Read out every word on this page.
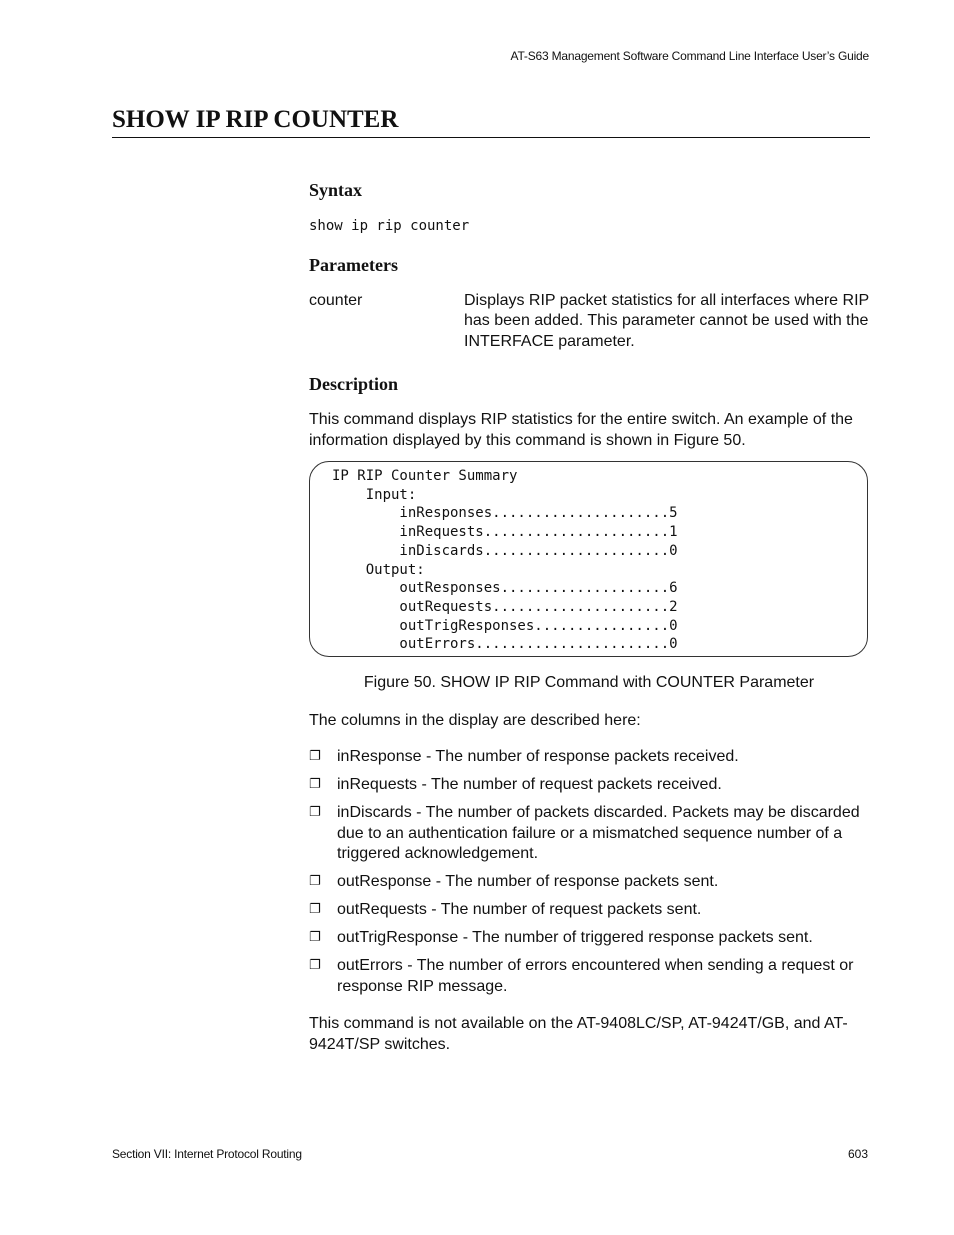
AT-S63 Management Software Command Line Interface User’s Guide
SHOW IP RIP COUNTER
Syntax
show ip rip counter
Parameters
counter	Displays RIP packet statistics for all interfaces where RIP has been added. This parameter cannot be used with the INTERFACE parameter.
Description

This command displays RIP statistics for the entire switch. An example of the information displayed by this command is shown in Figure 50.

IP RIP Counter Summary
Input:
inResponses.....................5
inRequests......................1
inDiscards......................0
Output:
outResponses....................6
outRequests.....................2
outTrigResponses................0
outErrors.......................0
Figure 50. SHOW IP RIP Command with COUNTER Parameter

The columns in the display are described here:

❐	inResponse - The number of response packets received.
❐	inRequests - The number of request packets received.
❐	inDiscards - The number of packets discarded. Packets may be discarded due to an authentication failure or a mismatched sequence number of a triggered acknowledgement.
❐	outResponse - The number of response packets sent.
❐	outRequests - The number of request packets sent.
❐	outTrigResponse - The number of triggered response packets sent.
❐	outErrors - The number of errors encountered when sending a request or response RIP message.

This command is not available on the AT-9408LC/SP, AT-9424T/GB, and AT-9424T/SP switches.

Section VII: Internet Protocol Routing	603
